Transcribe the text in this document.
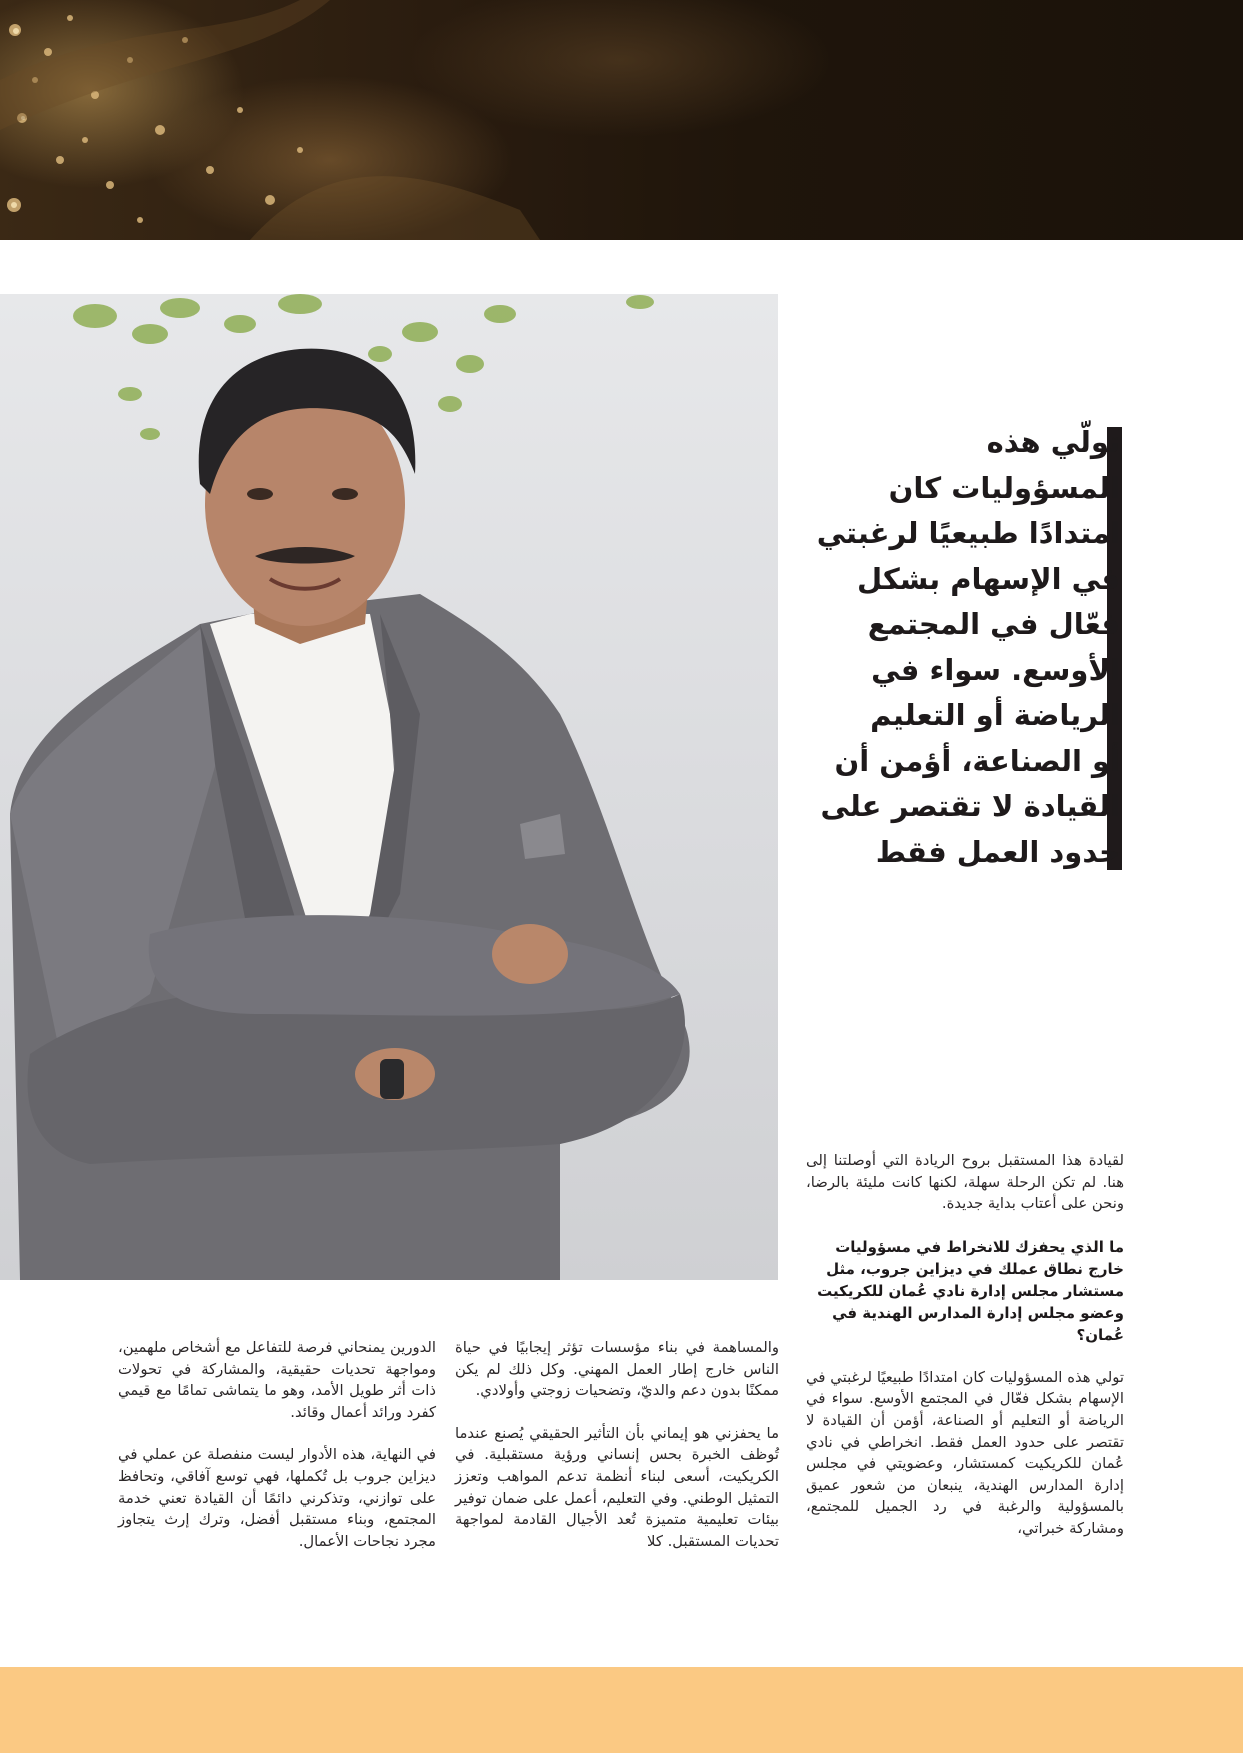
تولّي هذه
المسؤوليات كان
امتدادًا طبيعيًا لرغبتي
في الإسهام بشكل
فعّال في المجتمع
الأوسع. سواء في
الرياضة أو التعليم
أو الصناعة، أؤمن أن
القيادة لا تقتصر على
حدود العمل فقط

لقيادة هذا المستقبل بروح الريادة التي أوصلتنا إلى هنا. لم تكن الرحلة سهلة، لكنها كانت مليئة بالرضا، ونحن على أعتاب بداية جديدة.

ما الذي يحفزك للانخراط في مسؤوليات خارج نطاق عملك في ديزاين جروب، مثل مستشار مجلس إدارة نادي عُمان للكريكيت وعضو مجلس إدارة المدارس الهندية في عُمان؟

تولي هذه المسؤوليات كان امتدادًا طبيعيًا لرغبتي في الإسهام بشكل فعّال في المجتمع الأوسع. سواء في الرياضة أو التعليم أو الصناعة، أؤمن أن القيادة لا تقتصر على حدود العمل فقط. انخراطي في نادي عُمان للكريكيت كمستشار، وعضويتي في مجلس إدارة المدارس الهندية، ينبعان من شعور عميق بالمسؤولية والرغبة في رد الجميل للمجتمع، ومشاركة خبراتي،

والمساهمة في بناء مؤسسات تؤثر إيجابيًا في حياة الناس خارج إطار العمل المهني. وكل ذلك لم يكن ممكنًا بدون دعم والديّ، وتضحيات زوجتي وأولادي.

ما يحفزني هو إيماني بأن التأثير الحقيقي يُصنع عندما تُوظف الخبرة بحس إنساني ورؤية مستقبلية. في الكريكيت، أسعى لبناء أنظمة تدعم المواهب وتعزز التمثيل الوطني. وفي التعليم، أعمل على ضمان توفير بيئات تعليمية متميزة تُعد الأجيال القادمة لمواجهة تحديات المستقبل. كلا

الدورين يمنحاني فرصة للتفاعل مع أشخاص ملهمين، ومواجهة تحديات حقيقية، والمشاركة في تحولات ذات أثر طويل الأمد، وهو ما يتماشى تمامًا مع قيمي كفرد ورائد أعمال وقائد.

في النهاية، هذه الأدوار ليست منفصلة عن عملي في ديزاين جروب بل تُكملها، فهي توسع آفاقي، وتحافظ على توازني، وتذكرني دائمًا أن القيادة تعني خدمة المجتمع، وبناء مستقبل أفضل، وترك إرث يتجاوز مجرد نجاحات الأعمال.
